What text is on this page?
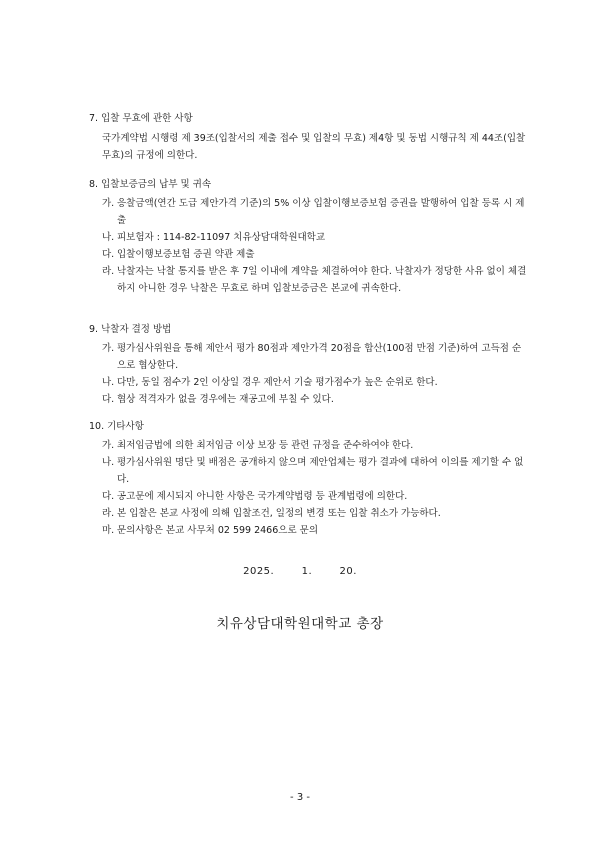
7. 입찰 무효에 관한 사항
국가계약법 시행령 제 39조(입찰서의 제출 접수 및 입찰의 무효) 제4항 및 동법 시행규칙 제 44조(입찰무효)의 규정에 의한다.
8. 입찰보증금의 납부 및 귀속
가. 응찰금액(연간 도급 제안가격 기준)의 5% 이상 입찰이행보증보험 증권을 발행하여 입찰 등록 시 제출
나. 피보험자 : 114-82-11097 치유상담대학원대학교
다. 입찰이행보증보험 증권 약관 제출
라. 낙찰자는 낙찰 통지를 받은 후 7일 이내에 계약을 체결하여야 한다. 낙찰자가 정당한 사유 없이 체결하지 아니한 경우 낙찰은 무효로 하며 입찰보증금은 본교에 귀속한다.
9. 낙찰자 결정 방법
가. 평가심사위원을 통해 제안서 평가 80점과 제안가격 20점을 합산(100점 만점 기준)하여 고득점 순으로 협상한다.
나. 다만, 동일 점수가 2인 이상일 경우 제안서 기술 평가점수가 높은 순위로 한다.
다. 협상 적격자가 없을 경우에는 재공고에 부칠 수 있다.
10. 기타사항
가. 최저임금법에 의한 최저임금 이상 보장 등 관련 규정을 준수하여야 한다.
나. 평가심사위원 명단 및 배점은 공개하지 않으며 제안업체는 평가 결과에 대하여 이의를 제기할 수 없다.
다. 공고문에 제시되지 아니한 사항은 국가계약법령 등 관계법령에 의한다.
라. 본 입찰은 본교 사정에 의해 입찰조건, 일정의 변경 또는 입찰 취소가 가능하다.
마. 문의사항은 본교 사무처 02 599 2466으로 문의
2025.  1.  20.
치유상담대학원대학교 총장
- 3 -
